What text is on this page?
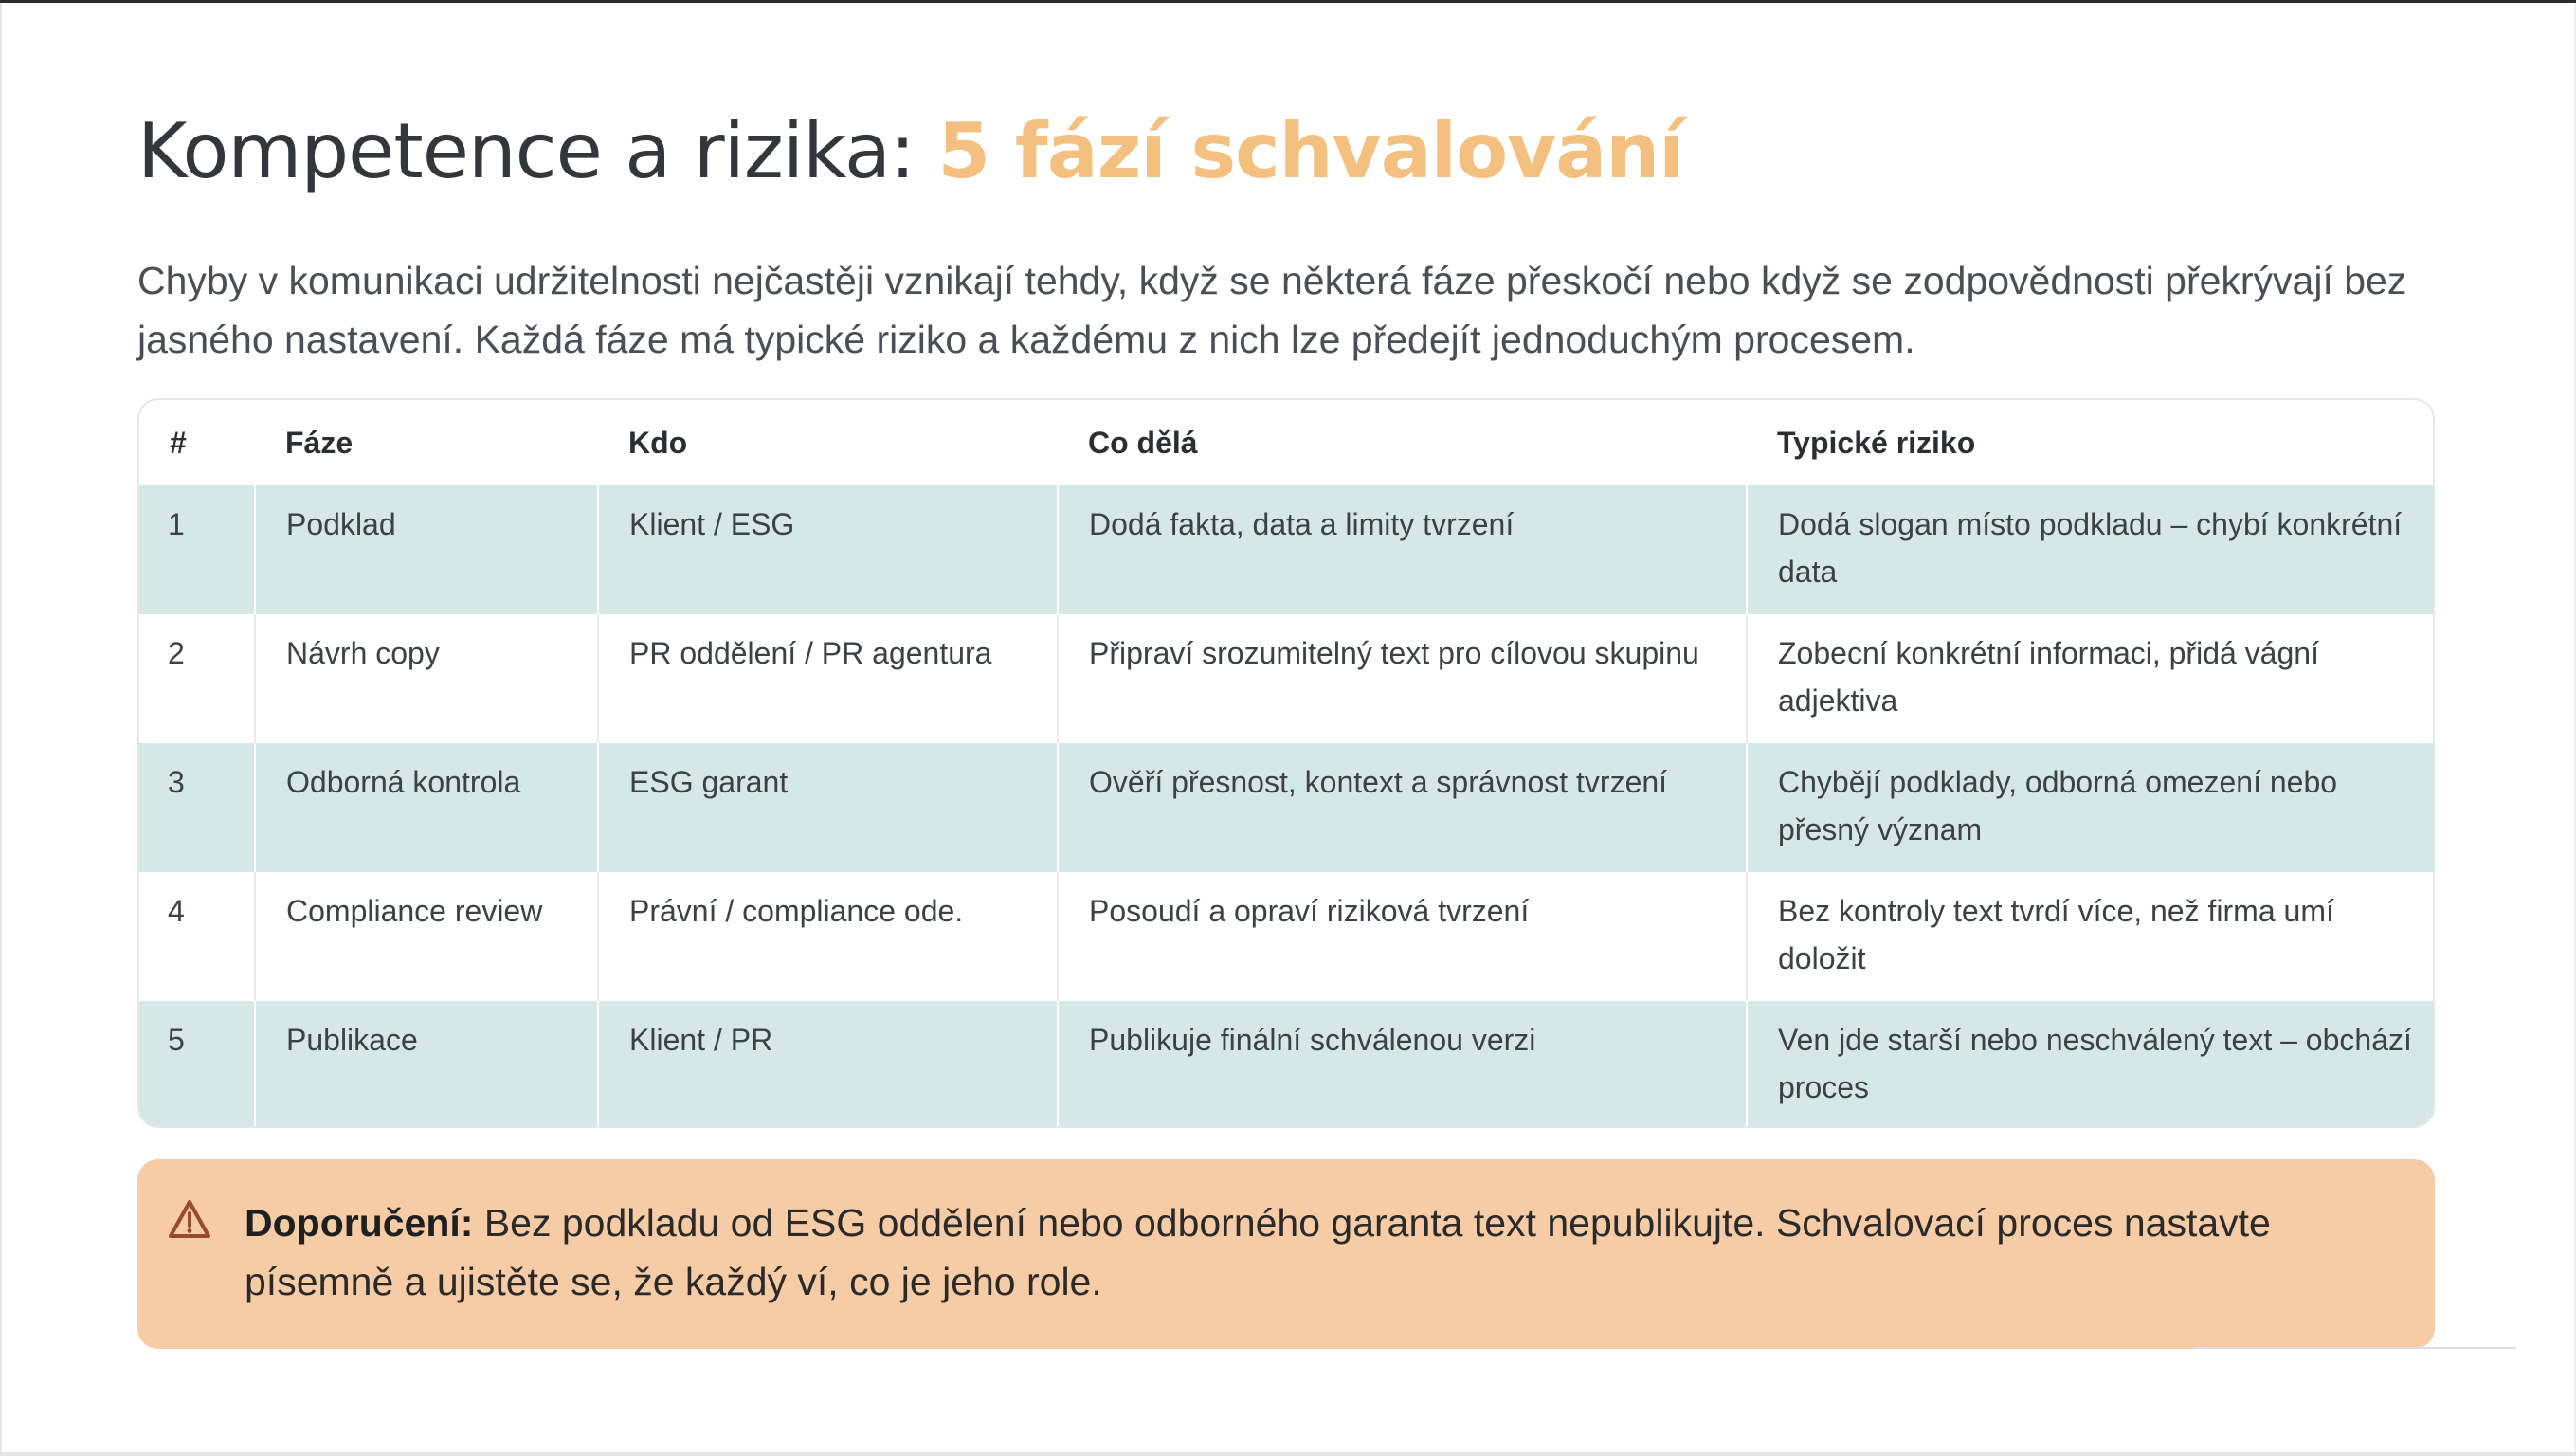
Kompetence a rizika: 5 fází schvalování

Chyby v komunikaci udržitelnosti nejčastěji vznikají tehdy, když se některá fáze přeskočí nebo když se zodpovědnosti překrývají bez jasného nastavení. Každá fáze má typické riziko a každému z nich lze předejít jednoduchým procesem.

#	Fáze	Kdo	Co dělá	Typické riziko
1	Podklad	Klient / ESG	Dodá fakta, data a limity tvrzení	Dodá slogan místo podkladu – chybí konkrétní data
2	Návrh copy	PR oddělení / PR agentura	Připraví srozumitelný text pro cílovou skupinu	Zobecní konkrétní informaci, přidá vágní adjektiva
3	Odborná kontrola	ESG garant	Ověří přesnost, kontext a správnost tvrzení	Chybějí podklady, odborná omezení nebo přesný význam
4	Compliance review	Právní / compliance ode.	Posoudí a opraví riziková tvrzení	Bez kontroly text tvrdí více, než firma umí doložit
5	Publikace	Klient / PR	Publikuje finální schválenou verzi	Ven jde starší nebo neschválený text – obchází proces

Doporučení: Bez podkladu od ESG oddělení nebo odborného garanta text nepublikujte. Schvalovací proces nastavte písemně a ujistěte se, že každý ví, co je jeho role.
